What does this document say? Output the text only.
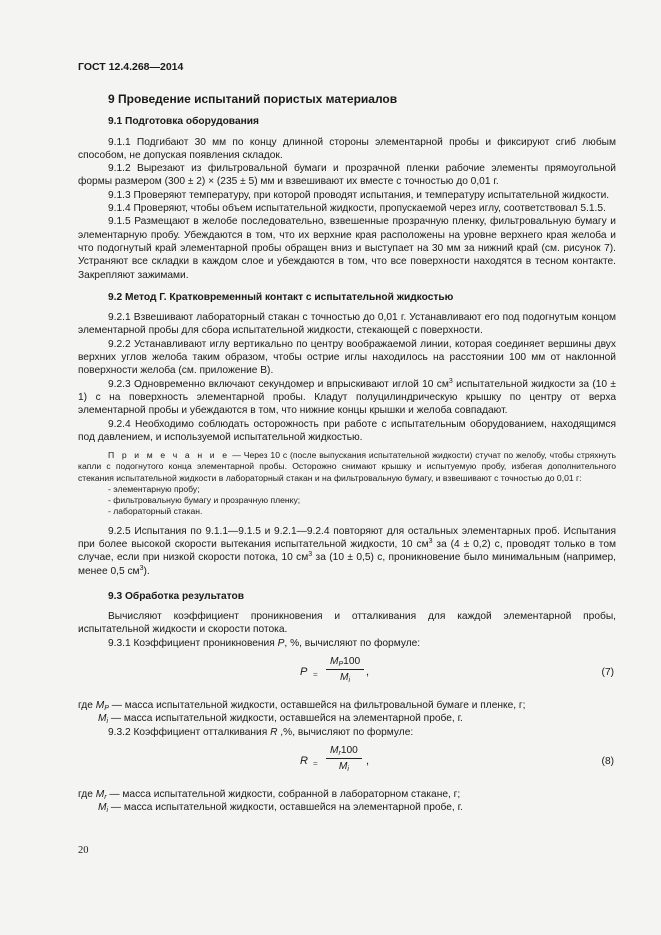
ГОСТ 12.4.268—2014
9 Проведение испытаний пористых материалов
9.1 Подготовка оборудования

9.1.1 Подгибают 30 мм по концу длинной стороны элементарной пробы и фиксируют сгиб любым способом, не допуская появления складок.

9.1.2 Вырезают из фильтровальной бумаги и прозрачной пленки рабочие элементы прямоугольной формы размером (300 ± 2) × (235 ± 5) мм и взвешивают их вместе с точностью до 0,01 г.

9.1.3 Проверяют температуру, при которой проводят испытания, и температуру испытательной жидкости.

9.1.4 Проверяют, чтобы объем испытательной жидкости, пропускаемой через иглу, соответствовал 5.1.5.

9.1.5 Размещают в желобе последовательно, взвешенные прозрачную пленку, фильтровальную бумагу и элементарную пробу. Убеждаются в том, что их верхние края расположены на уровне верхнего края желоба и что подогнутый край элементарной пробы обращен вниз и выступает на 30 мм за нижний край (см. рисунок 7). Устраняют все складки в каждом слое и убеждаются в том, что все поверхности находятся в тесном контакте. Закрепляют зажимами.

9.2 Метод Г. Кратковременный контакт с испытательной жидкостью

9.2.1 Взвешивают лабораторный стакан с точностью до 0,01 г. Устанавливают его под подогнутым концом элементарной пробы для сбора испытательной жидкости, стекающей с поверхности.

9.2.2 Устанавливают иглу вертикально по центру воображаемой линии, которая соединяет вершины двух верхних углов желоба таким образом, чтобы острие иглы находилось на расстоянии 100 мм от наклонной поверхности желоба (см. приложение В).

9.2.3 Одновременно включают секундомер и впрыскивают иглой 10 $см^3$ испытательной жидкости за (10 ± 1) с на поверхность элементарной пробы. Кладут полуцилиндрическую крышку по центру от верха элементарной пробы и убеждаются в том, что нижние концы крышки и желоба совпадают.

9.2.4 Необходимо соблюдать осторожность при работе с испытательным оборудованием, находящимся под давлением, и используемой испытательной жидкостью.

П р и м е ч а н и е — Через 10 с (после выпускания испытательной жидкости) стучат по желобу, чтобы стряхнуть капли с подогнутого конца элементарной пробы. Осторожно снимают крышку и испытуемую пробу, избегая дополнительного стекания испытательной жидкости в лабораторный стакан и на фильтровальную бумагу, и взвешивают с точностью до 0,01 г:

- элементарную пробу;

- фильтровальную бумагу и прозрачную пленку;

- лабораторный стакан.

9.2.5 Испытания по 9.1.1—9.1.5 и 9.2.1—9.2.4 повторяют для остальных элементарных проб. Испытания при более высокой скорости вытекания испытательной жидкости, 10 $см^3$ за (4 ± 0,2) с, проводят только в том случае, если при низкой скорости потока, 10 $см^3$ за (10 ± 0,5) с, проникновение было минимальным (например, менее 0,5 $см^3$).

9.3 Обработка результатов

Вычисляют коэффициент проникновения и отталкивания для каждой элементарной пробы, испытательной жидкости и скорости потока.

9.3.1 Коэффициент проникновения P, %, вычисляют по формуле:

$P = \frac{M_P100}{M_i}$ ,	(7)

где $M_P$ — масса испытательной жидкости, оставшейся на фильтровальной бумаге и пленке, г;

$M_i$ — масса испытательной жидкости, оставшейся на элементарной пробе, г.

9.3.2 Коэффициент отталкивания R ,%, вычисляют по формуле:

$R = \frac{M_r100}{M_i}$ ,	(8)

где $M_r$ — масса испытательной жидкости, собранной в лабораторном стакане, г;

$M_i$ — масса испытательной жидкости, оставшейся на элементарной пробе, г.

20
